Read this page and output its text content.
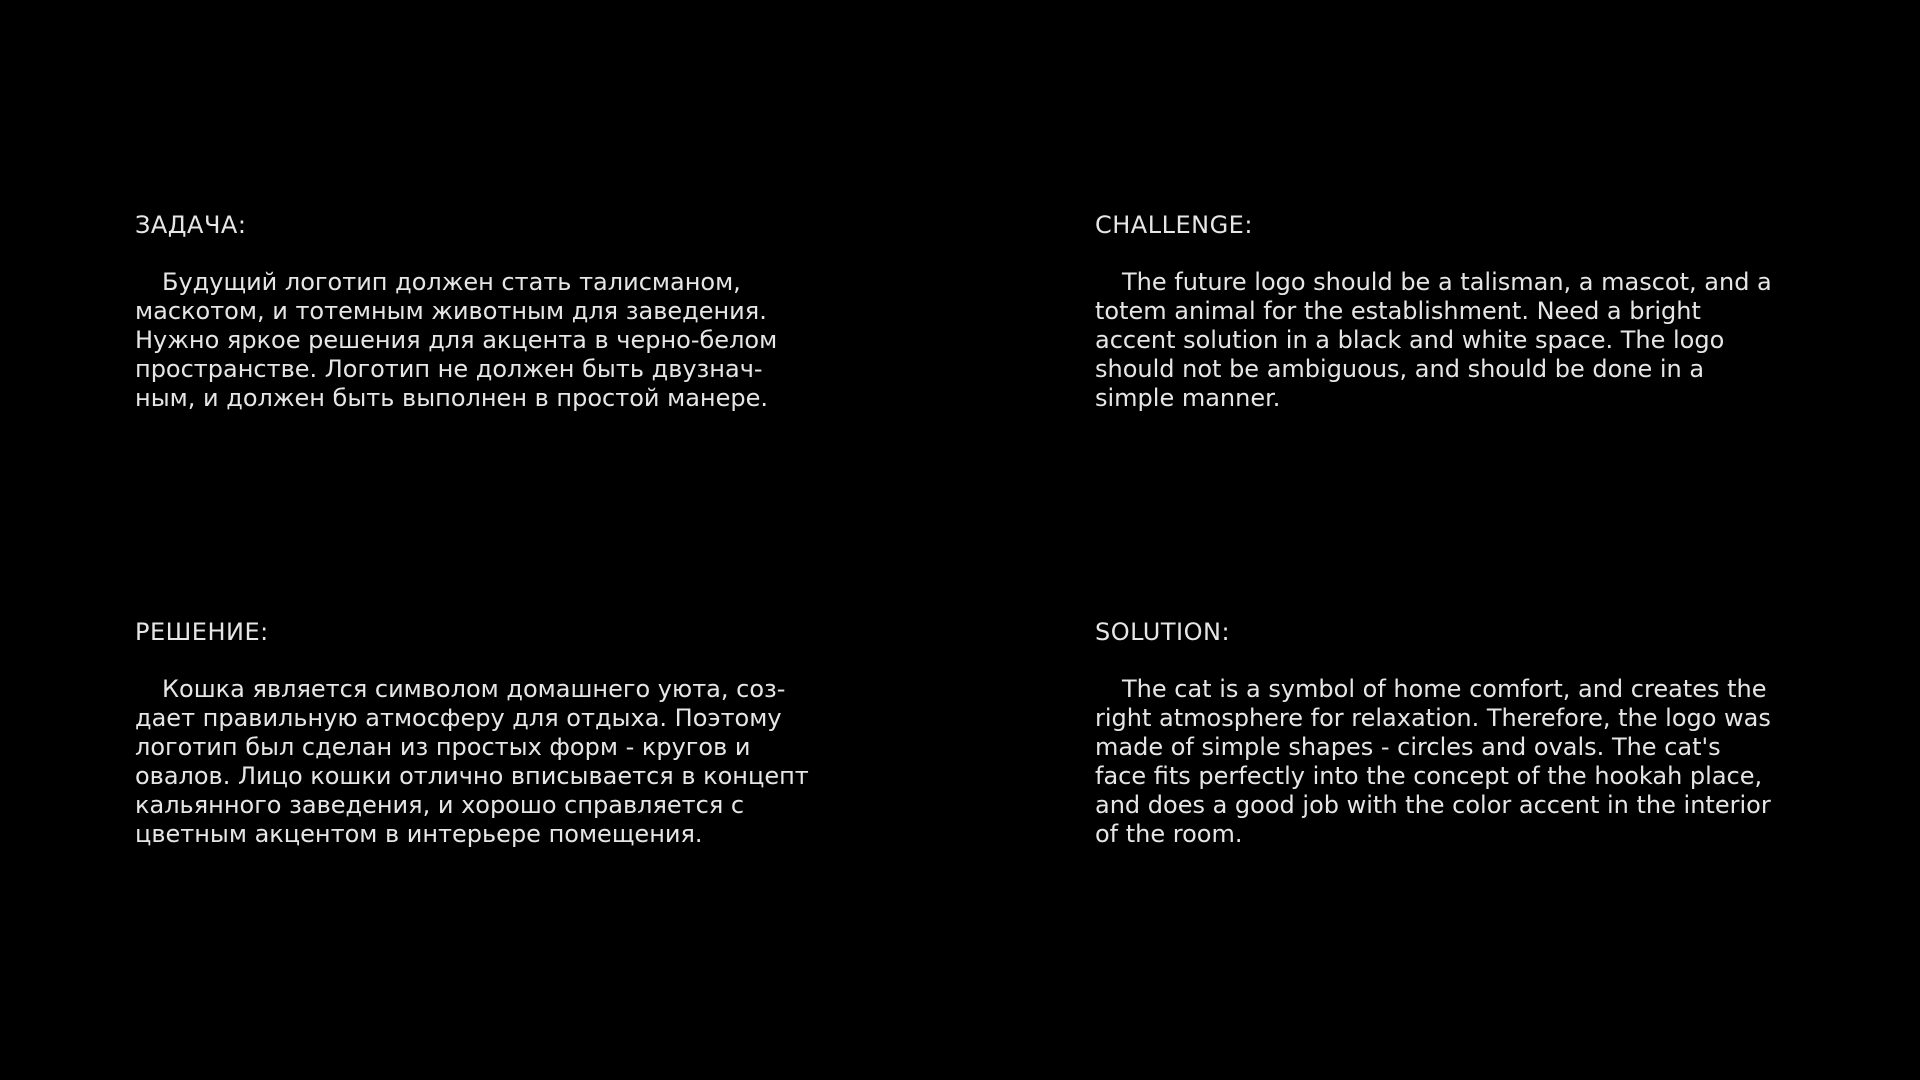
ЗАДАЧА:

Будущий логотип должен стать талисманом,
маскотом, и тотемным животным для заведения.
Нужно яркое решения для акцента в черно-белом
пространстве. Логотип не должен быть двузнач-
ным, и должен быть выполнен в простой манере.

CHALLENGE:

The future logo should be a talisman, a mascot, and a
totem animal for the establishment. Need a bright
accent solution in a black and white space. The logo
should not be ambiguous, and should be done in a
simple manner.

РЕШЕНИЕ:

Кошка является символом домашнего уюта, соз-
дает правильную атмосферу для отдыха. Поэтому
логотип был сделан из простых форм - кругов и
овалов. Лицо кошки отлично вписывается в концепт
кальянного заведения, и хорошо справляется с
цветным акцентом в интерьере помещения.

SOLUTION:

The cat is a symbol of home comfort, and creates the
right atmosphere for relaxation. Therefore, the logo was
made of simple shapes - circles and ovals. The cat's
face fits perfectly into the concept of the hookah place,
and does a good job with the color accent in the interior
of the room.
